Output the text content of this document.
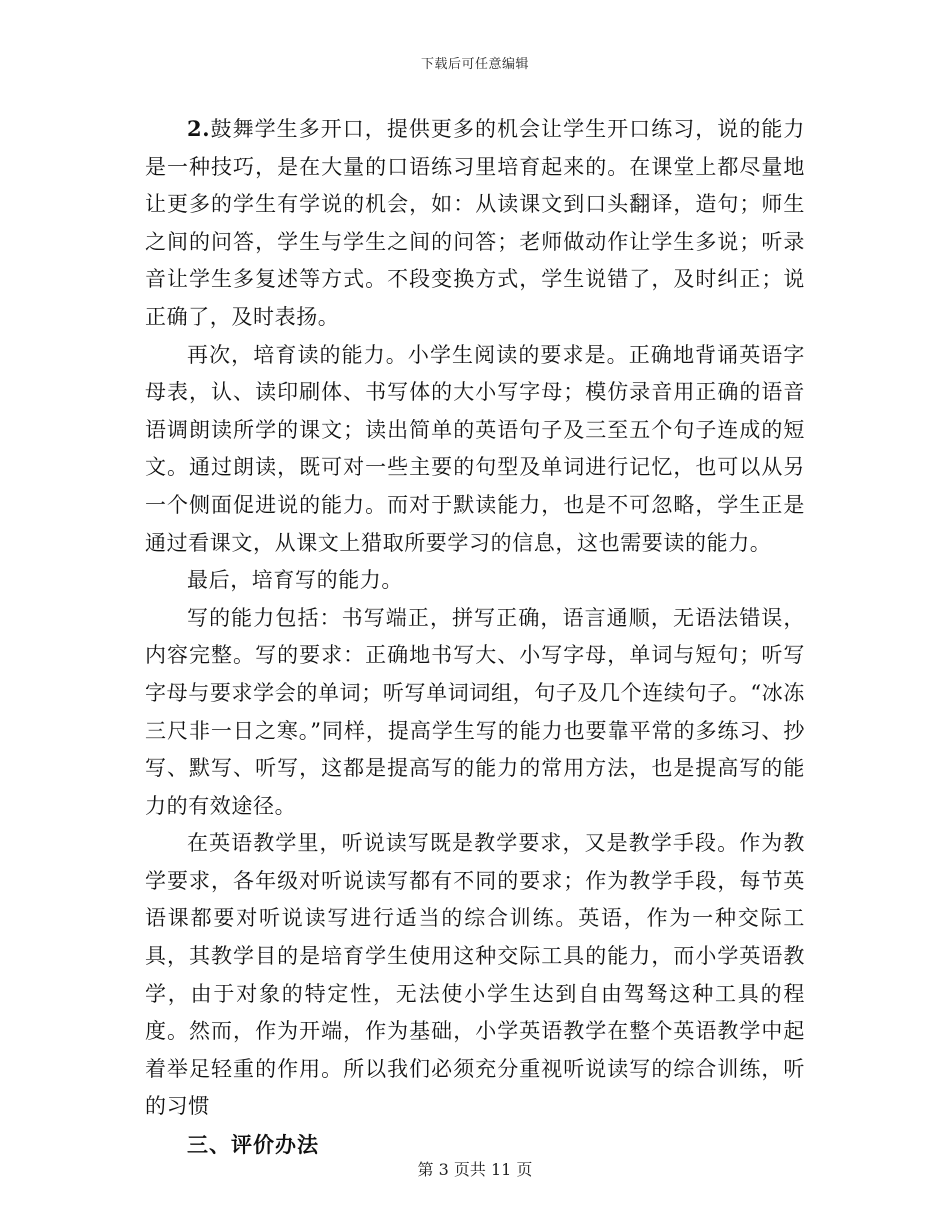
下载后可任意编辑

2.鼓舞学生多开口，提供更多的机会让学生开口练习，说的能力是一种技巧，是在大量的口语练习里培育起来的。在课堂上都尽量地让更多的学生有学说的机会，如：从读课文到口头翻译，造句；师生之间的问答，学生与学生之间的问答；老师做动作让学生多说；听录音让学生多复述等方式。不段变换方式，学生说错了，及时纠正；说正确了，及时表扬。

再次，培育读的能力。小学生阅读的要求是。正确地背诵英语字母表，认、读印刷体、书写体的大小写字母；模仿录音用正确的语音语调朗读所学的课文；读出简单的英语句子及三至五个句子连成的短文。通过朗读，既可对一些主要的句型及单词进行记忆，也可以从另一个侧面促进说的能力。而对于默读能力，也是不可忽略，学生正是通过看课文，从课文上猎取所要学习的信息，这也需要读的能力。

最后，培育写的能力。

写的能力包括：书写端正，拼写正确，语言通顺，无语法错误，内容完整。写的要求：正确地书写大、小写字母，单词与短句；听写字母与要求学会的单词；听写单词词组，句子及几个连续句子。“冰冻三尺非一日之寒。”同样，提高学生写的能力也要靠平常的多练习、抄写、默写、听写，这都是提高写的能力的常用方法，也是提高写的能力的有效途径。

在英语教学里，听说读写既是教学要求，又是教学手段。作为教学要求，各年级对听说读写都有不同的要求；作为教学手段，每节英语课都要对听说读写进行适当的综合训练。英语，作为一种交际工具，其教学目的是培育学生使用这种交际工具的能力，而小学英语教学，由于对象的特定性，无法使小学生达到自由驾驽这种工具的程度。然而，作为开端，作为基础，小学英语教学在整个英语教学中起着举足轻重的作用。所以我们必须充分重视听说读写的综合训练，听的习惯

三、评价办法

第 3 页共 11 页
